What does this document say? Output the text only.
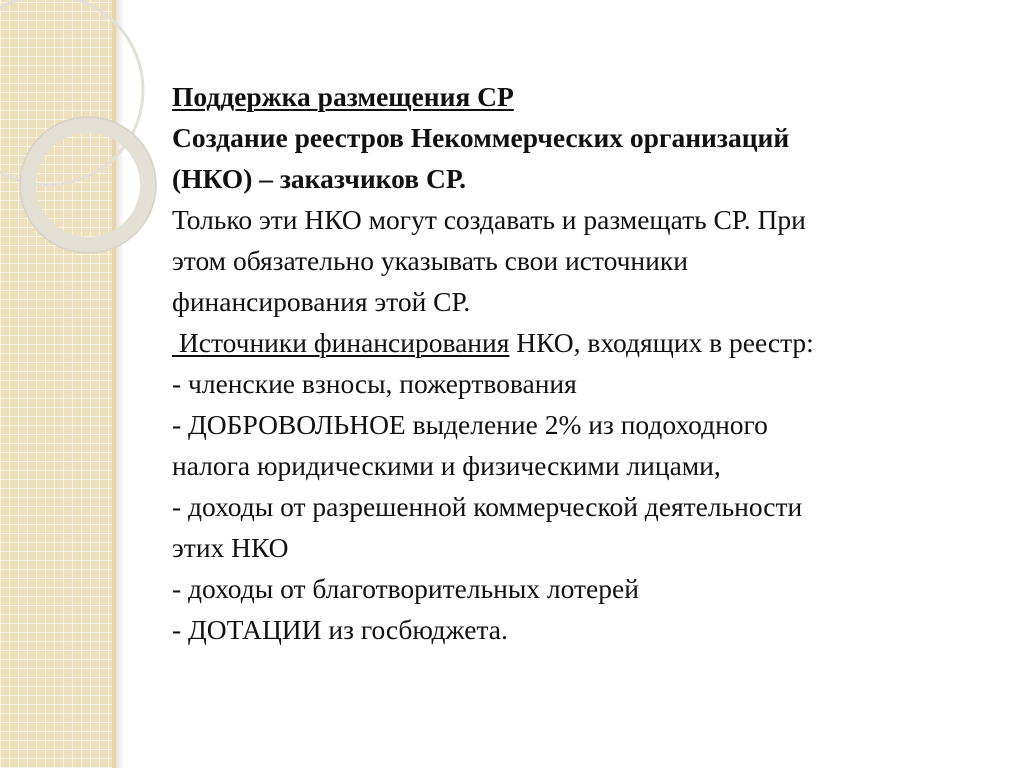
Поддержка размещения СР
Создание реестров Некоммерческих организаций
(НКО) – заказчиков СР.
Только эти НКО могут создавать и размещать СР. При
этом обязательно указывать свои источники
финансирования этой СР.
Источники финансирования НКО, входящих в реестр:
- членские взносы, пожертвования
- ДОБРОВОЛЬНОЕ выделение 2% из подоходного
налога юридическими и физическими лицами,
- доходы от разрешенной коммерческой деятельности
этих НКО
- доходы от благотворительных лотерей
- ДОТАЦИИ из госбюджета.
